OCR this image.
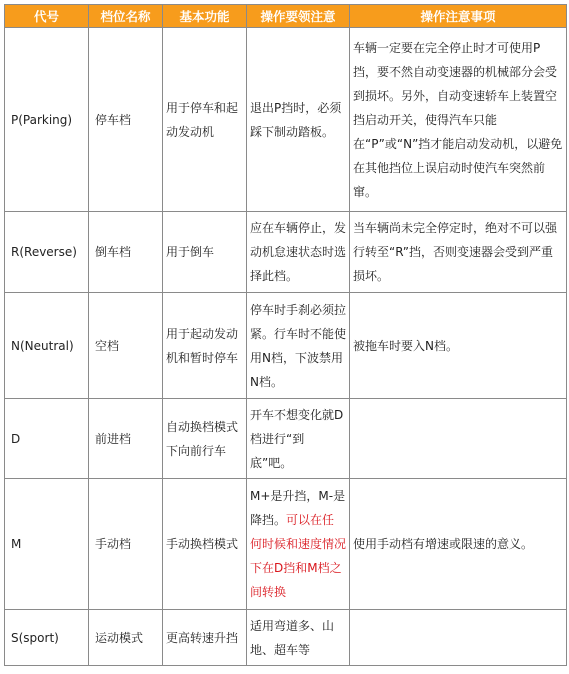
代号	档位名称	基本功能	操作要领注意	操作注意事项
P(Parking)	停车档	用于停车和起动发动机	退出P挡时，必须踩下制动踏板。	车辆一定要在完全停止时才可使用P挡，要不然自动变速器的机械部分会受到损坏。另外，自动变速轿车上装置空挡启动开关，使得汽车只能在“P”或“N”挡才能启动发动机，以避免在其他挡位上误启动时使汽车突然前窜。
R(Reverse)	倒车档	用于倒车	应在车辆停止，发动机怠速状态时选择此档。	当车辆尚未完全停定时，绝对不可以强行转至“R”挡，否则变速器会受到严重损坏。
N(Neutral)	空档	用于起动发动机和暂时停车	停车时手刹必须拉紧。行车时不能使用N档，下波禁用N档。	被拖车时要入N档。
D	前进档	自动换档模式下向前行车	开车不想变化就D档进行“到底”吧。	
M	手动档	手动换档模式	M+是升挡，M-是降挡。可以在任何时候和速度情况下在D挡和M档之间转换	使用手动档有增速或限速的意义。
S(sport)	运动模式	更高转速升挡	适用弯道多、山地、超车等	
